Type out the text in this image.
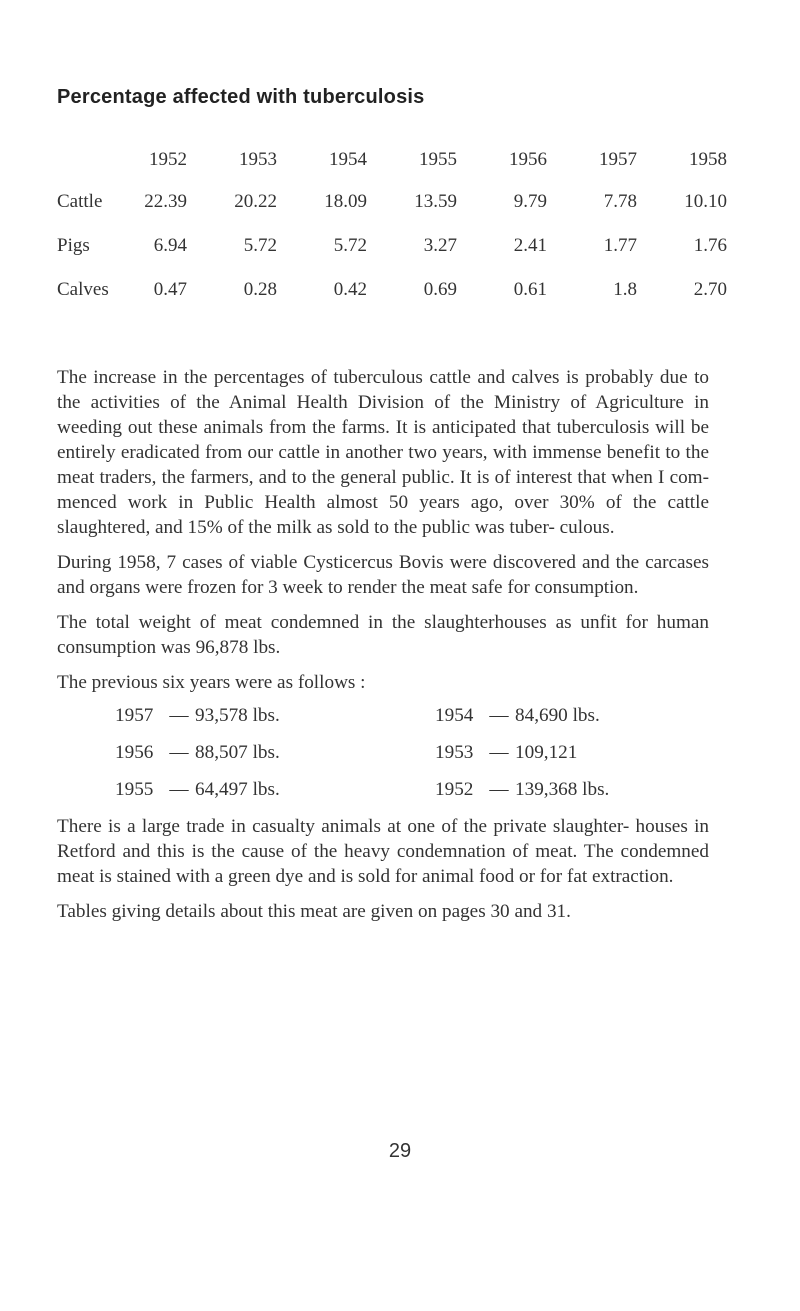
Percentage affected with tuberculosis
	1952	1953	1954	1955	1956	1957	1958
Cattle	22.39	20.22	18.09	13.59	9.79	7.78	10.10
Pigs	6.94	5.72	5.72	3.27	2.41	1.77	1.76
Calves	0.47	0.28	0.42	0.69	0.61	1.8	2.70

The increase in the percentages of tuberculous cattle and calves is probably due to the activities of the Animal Health Division of the Ministry of Agriculture in weeding out these animals from the farms. It is anticipated that tuberculosis will be entirely eradicated from our cattle in another two years, with immense benefit to the meat traders, the farmers, and to the general public. It is of interest that when I com- menced work in Public Health almost 50 years ago, over 30% of the cattle slaughtered, and 15% of the milk as sold to the public was tuber- culous.

During 1958, 7 cases of viable Cysticercus Bovis were discovered and the carcases and organs were frozen for 3 week to render the meat safe for consumption.

The total weight of meat condemned in the slaughterhouses as unfit for human consumption was 96,878 lbs.

The previous six years were as follows :

1957	—	93,578 lbs.	1954	—	84,690 lbs.
1956	—	88,507 lbs.	1953	—	109,121
1955	—	64,497 lbs.	1952	—	139,368 lbs.

There is a large trade in casualty animals at one of the private slaughter- houses in Retford and this is the cause of the heavy condemnation of meat. The condemned meat is stained with a green dye and is sold for animal food or for fat extraction.

Tables giving details about this meat are given on pages 30 and 31.

29
